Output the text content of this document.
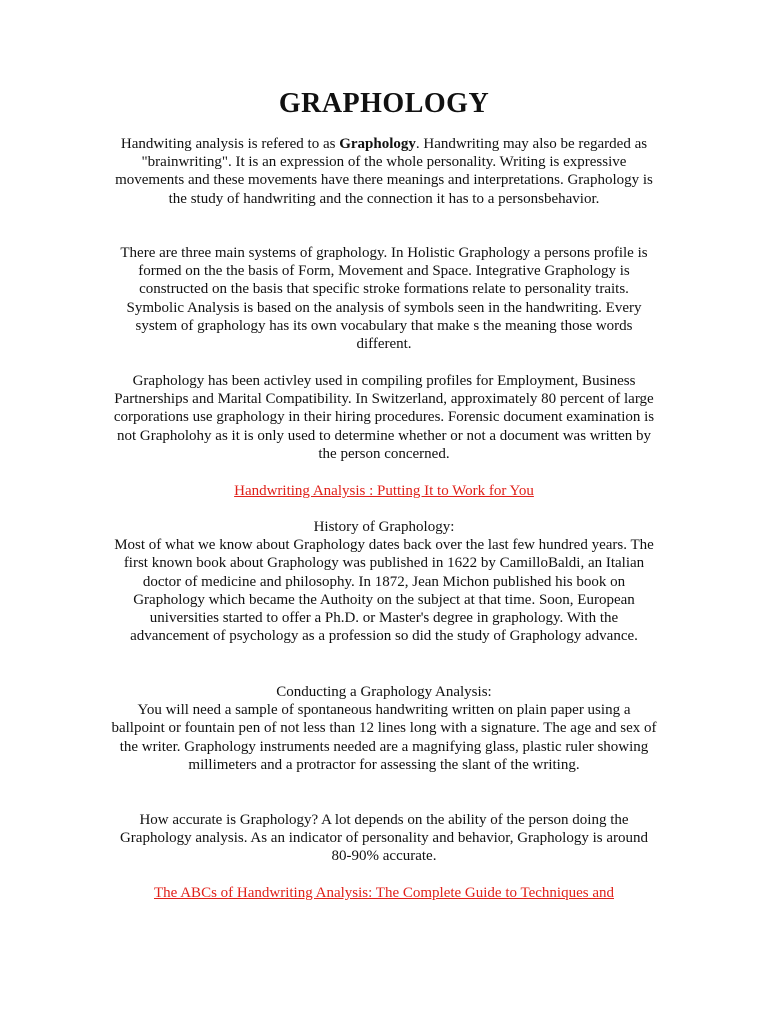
GRAPHOLOGY

Handwiting analysis is refered to as Graphology. Handwriting may also be regarded as "brainwriting". It is an expression of the whole personality. Writing is expressive movements and these movements have there meanings and interpretations. Graphology is the study of handwriting and the connection it has to a personsbehavior.

There are three main systems of graphology. In Holistic Graphology a persons profile is formed on the the basis of Form, Movement and Space. Integrative Graphology is constructed on the basis that specific stroke formations relate to personality traits. Symbolic Analysis is based on the analysis of symbols seen in the handwriting. Every system of graphology has its own vocabulary that make s the meaning those words different.

Graphology has been activley used in compiling profiles for Employment, Business Partnerships and Marital Compatibility. In Switzerland, approximately 80 percent of large corporations use graphology in their hiring procedures. Forensic document examination is not Grapholohy as it is only used to determine whether or not a document was written by the person concerned.

Handwriting Analysis : Putting It to Work for You

History of Graphology:
Most of what we know about Graphology dates back over the last few hundred years. The first known book about Graphology was published in 1622 by CamilloBaldi, an Italian doctor of medicine and philosophy. In 1872, Jean Michon published his book on Graphology which became the Authoity on the subject at that time. Soon, European universities started to offer a Ph.D. or Master's degree in graphology. With the advancement of psychology as a profession so did the study of Graphology advance.

Conducting a Graphology Analysis:
You will need a sample of spontaneous handwriting written on plain paper using a ballpoint or fountain pen of not less than 12 lines long with a signature. The age and sex of the writer. Graphology instruments needed are a magnifying glass, plastic ruler showing millimeters and a protractor for assessing the slant of the writing.

How accurate is Graphology? A lot depends on the ability of the person doing the Graphology analysis. As an indicator of personality and behavior, Graphology is around 80-90% accurate.

The ABCs of Handwriting Analysis: The Complete Guide to Techniques and
